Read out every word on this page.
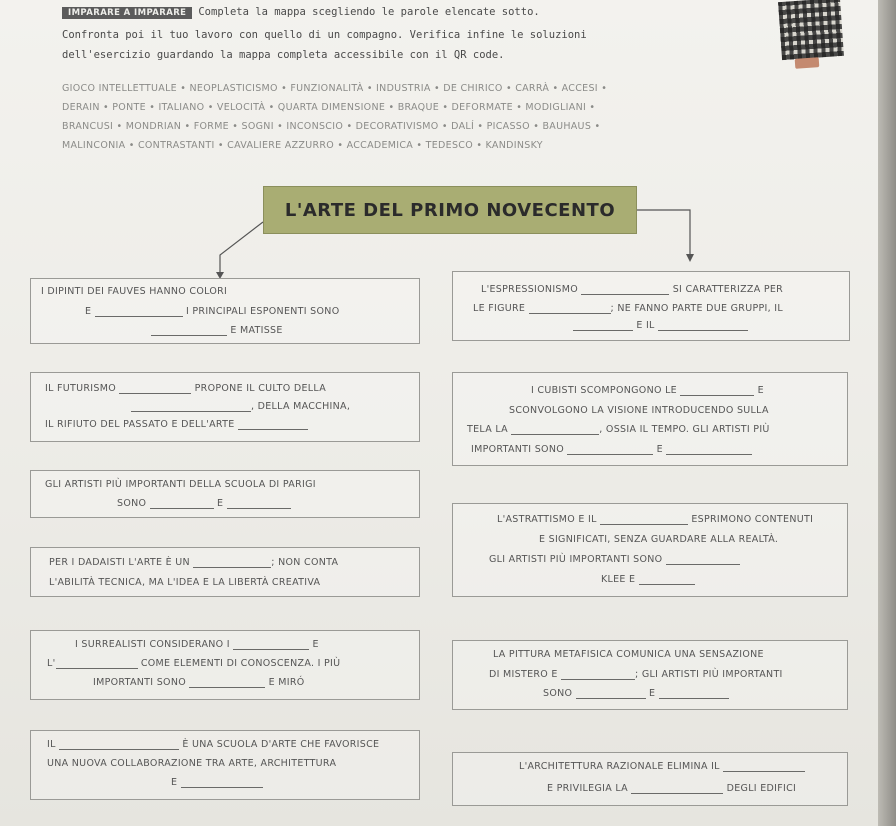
IMPARARE A IMPARARE Completa la mappa scegliendo le parole elencate sotto.
Confronta poi il tuo lavoro con quello di un compagno. Verifica infine le soluzioni
dell'esercizio guardando la mappa completa accessibile con il QR code.
GIOCO INTELLETTUALE • NEOPLASTICISMO • FUNZIONALITÀ • INDUSTRIA • DE CHIRICO • CARRÀ • ACCESI •
DERAIN • PONTE • ITALIANO • VELOCITÀ • QUARTA DIMENSIONE • BRAQUE • DEFORMATE • MODIGLIANI •
BRANCUSI • MONDRIAN • FORME • SOGNI • INCONSCIO • DECORATIVISMO • DALÍ • PICASSO • BAUHAUS •
MALINCONIA • CONTRASTANTI • CAVALIERE AZZURRO • ACCADEMICA • TEDESCO • KANDINSKY
L'ARTE DEL PRIMO NOVECENTO
I DIPINTI DEI FAUVES HANNO COLORI
E	I PRINCIPALI ESPONENTI SONO
E MATISSE
L'ESPRESSIONISMO	SI CARATTERIZZA PER
LE FIGURE	; NE FANNO PARTE DUE GRUPPI, IL
E IL
IL FUTURISMO	PROPONE IL CULTO DELLA
, DELLA MACCHINA,
IL RIFIUTO DEL PASSATO E DELL'ARTE
I CUBISTI SCOMPONGONO LE	E
SCONVOLGONO LA VISIONE INTRODUCENDO SULLA
TELA LA	, OSSIA IL TEMPO. GLI ARTISTI PIÙ
IMPORTANTI SONO	E
GLI ARTISTI PIÙ IMPORTANTI DELLA SCUOLA DI PARIGI
SONO	E
L'ASTRATTISMO E IL	ESPRIMONO CONTENUTI
E SIGNIFICATI, SENZA GUARDARE ALLA REALTÀ.
GLI ARTISTI PIÙ IMPORTANTI SONO
KLEE E
PER I DADAISTI L'ARTE È UN	; NON CONTA
L'ABILITÀ TECNICA, MA L'IDEA E LA LIBERTÀ CREATIVA
I SURREALISTI CONSIDERANO I	E
L'	COME ELEMENTI DI CONOSCENZA. I PIÙ
IMPORTANTI SONO	E MIRÓ
LA PITTURA METAFISICA COMUNICA UNA SENSAZIONE
DI MISTERO E	; GLI ARTISTI PIÙ IMPORTANTI
SONO	E
IL	È UNA SCUOLA D'ARTE CHE FAVORISCE
UNA NUOVA COLLABORAZIONE TRA ARTE, ARCHITETTURA
E
L'ARCHITETTURA RAZIONALE ELIMINA IL
E PRIVILEGIA LA	DEGLI EDIFICI
